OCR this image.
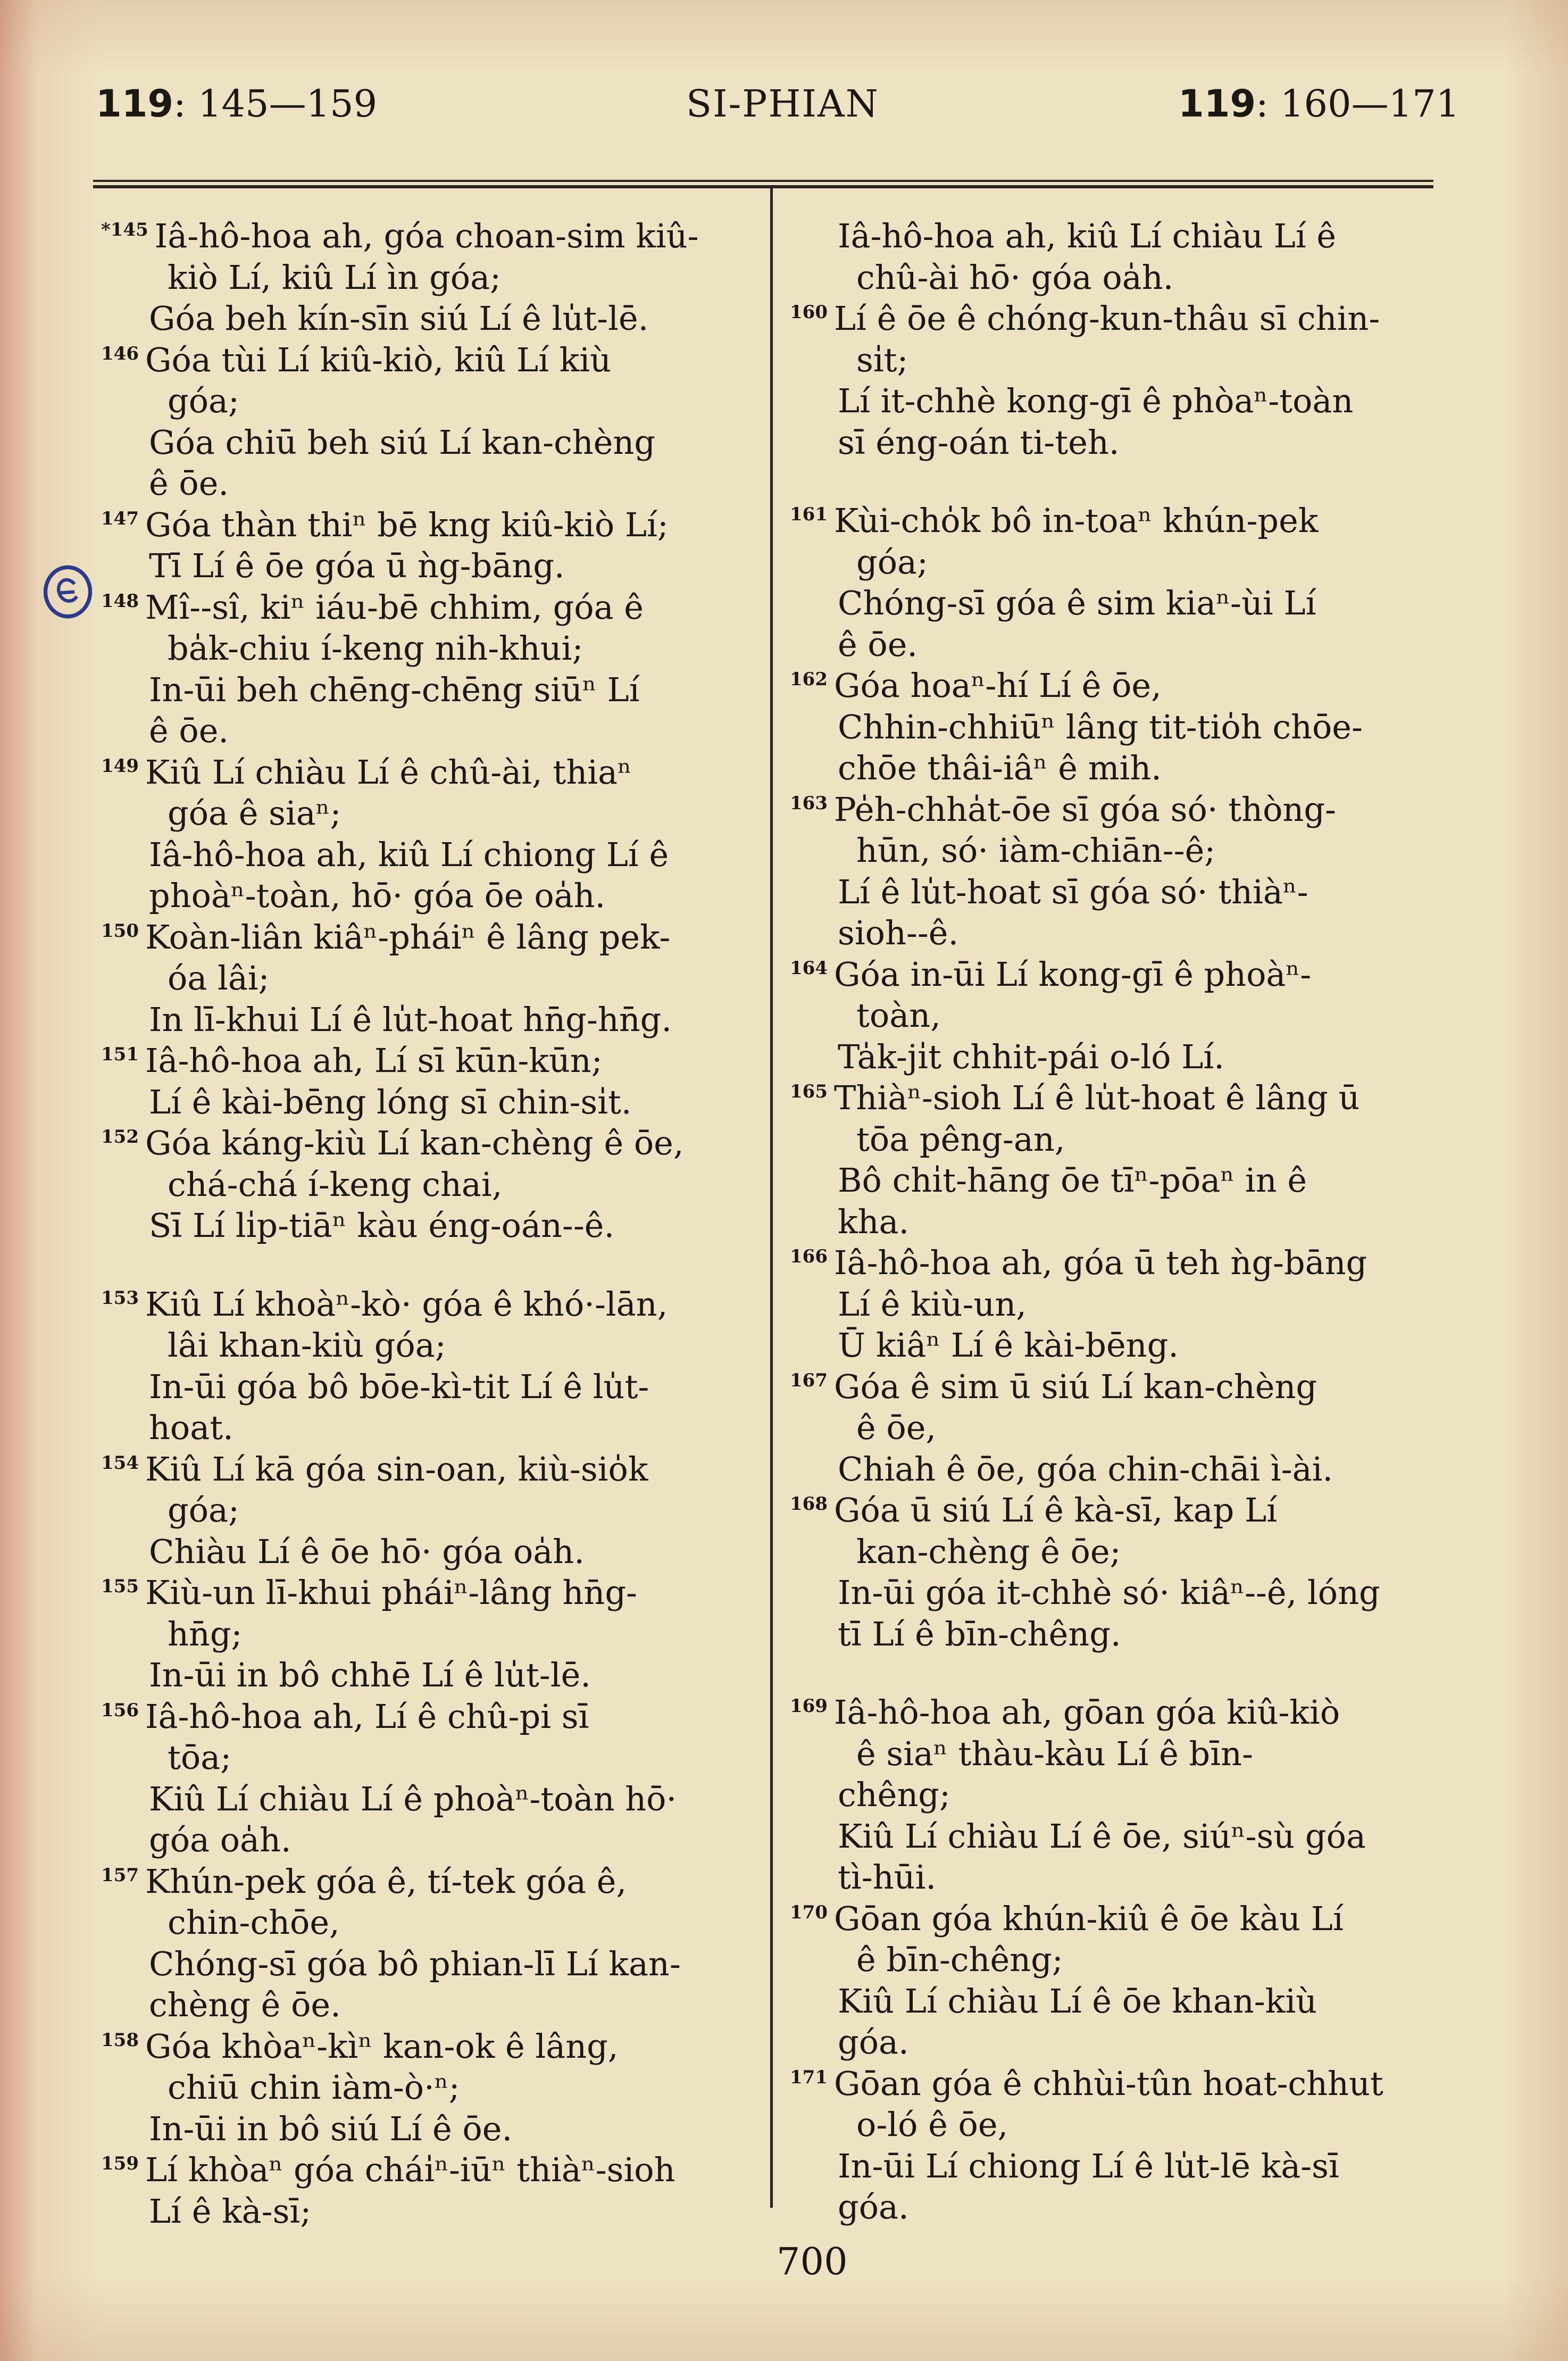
119: 145—159	SI-PHIAN	119: 160—171
$^{*145}$ Iâ-hô-hoa ah, góa choan-sim kiû-
kiò Lí, kiû Lí ìn góa;
Góa beh kín-sīn siú Lí ê lu̍t-lē.
$^{146}$ Góa tùi Lí kiû-kiò, kiû Lí kiù
góa;
Góa chiū beh siú Lí kan-chèng
ê ōe.
$^{147}$ Góa thàn thiⁿ bē kng kiû-kiò Lí;
Tī Lí ê ōe góa ū ǹg-bāng.
$^{148}$ Mî--sî, kiⁿ iáu-bē chhim, góa ê
ba̍k-chiu í-keng nih-khui;
In-ūi beh chēng-chēng siūⁿ Lí
ê ōe.
$^{149}$ Kiû Lí chiàu Lí ê chû-ài, thiaⁿ
góa ê siaⁿ;
Iâ-hô-hoa ah, kiû Lí chiong Lí ê
phoàⁿ-toàn, hō· góa ōe oa̍h.
$^{150}$ Koàn-liân kiâⁿ-pháiⁿ ê lâng pek-
óa lâi;
In lī-khui Lí ê lu̍t-hoat hn̄g-hn̄g.
$^{151}$ Iâ-hô-hoa ah, Lí sī kūn-kūn;
Lí ê kài-bēng lóng sī chin-si̍t.
$^{152}$ Góa káng-kiù Lí kan-chèng ê ōe,
chá-chá í-keng chai,
Sī Lí li̍p-tiāⁿ kàu éng-oán--ê.
$^{153}$ Kiû Lí khoàⁿ-kò· góa ê khó·-lān,
lâi khan-kiù góa;
In-ūi góa bô bōe-kì-tit Lí ê lu̍t-
hoat.
$^{154}$ Kiû Lí kā góa sin-oan, kiù-sio̍k
góa;
Chiàu Lí ê ōe hō· góa oa̍h.
$^{155}$ Kiù-un lī-khui pháiⁿ-lâng hn̄g-
hn̄g;
In-ūi in bô chhē Lí ê lu̍t-lē.
$^{156}$ Iâ-hô-hoa ah, Lí ê chû-pi sī
tōa;
Kiû Lí chiàu Lí ê phoàⁿ-toàn hō·
góa oa̍h.
$^{157}$ Khún-pek góa ê, tí-tek góa ê,
chin-chōe,
Chóng-sī góa bô phian-lī Lí kan-
chèng ê ōe.
$^{158}$ Góa khòaⁿ-kìⁿ kan-ok ê lâng,
chiū chin iàm-ò·ⁿ;
In-ūi in bô siú Lí ê ōe.
$^{159}$ Lí khòaⁿ góa chái̍ⁿ-iūⁿ thiàⁿ-sioh
Lí ê kà-sī;
Iâ-hô-hoa ah, kiû Lí chiàu Lí ê
chû-ài hō· góa oa̍h.
$^{160}$ Lí ê ōe ê chóng-kun-thâu sī chin-
si̍t;
Lí it-chhè kong-gī ê phòaⁿ-toàn
sī éng-oán ti-teh.
$^{161}$ Kùi-cho̍k bô in-toaⁿ khún-pek
góa;
Chóng-sī góa ê sim kiaⁿ-ùi Lí
ê ōe.
$^{162}$ Góa hoaⁿ-hí Lí ê ōe,
Chhin-chhiūⁿ lâng tit-tio̍h chōe-
chōe thâi-iâⁿ ê mih.
$^{163}$ Pe̍h-chha̍t-ōe sī góa só· thòng-
hūn, só· iàm-chiān--ê;
Lí ê lu̍t-hoat sī góa só· thiàⁿ-
sioh--ê.
$^{164}$ Góa in-ūi Lí kong-gī ê phoàⁿ-
toàn,
Ta̍k-ji̍t chhit-pái o-ló Lí.
$^{165}$ Thiàⁿ-sioh Lí ê lu̍t-hoat ê lâng ū
tōa pêng-an,
Bô chi̍t-hāng ōe tīⁿ-pōaⁿ in ê
kha.
$^{166}$ Iâ-hô-hoa ah, góa ū teh ǹg-bāng
Lí ê kiù-un,
Ū kiâⁿ Lí ê kài-bēng.
$^{167}$ Góa ê sim ū siú Lí kan-chèng
ê ōe,
Chiah ê ōe, góa chin-chāi ì-ài.
$^{168}$ Góa ū siú Lí ê kà-sī, kap Lí
kan-chèng ê ōe;
In-ūi góa it-chhè só· kiâⁿ--ê, lóng
tī Lí ê bīn-chêng.
$^{169}$ Iâ-hô-hoa ah, gōan góa kiû-kiò
ê siaⁿ thàu-kàu Lí ê bīn-
chêng;
Kiû Lí chiàu Lí ê ōe, siúⁿ-sù góa
tì-hūi.
$^{170}$ Gōan góa khún-kiû ê ōe kàu Lí
ê bīn-chêng;
Kiû Lí chiàu Lí ê ōe khan-kiù
góa.
$^{171}$ Gōan góa ê chhùi-tûn hoat-chhut
o-ló ê ōe,
In-ūi Lí chiong Lí ê lu̍t-lē kà-sī
góa.
700
